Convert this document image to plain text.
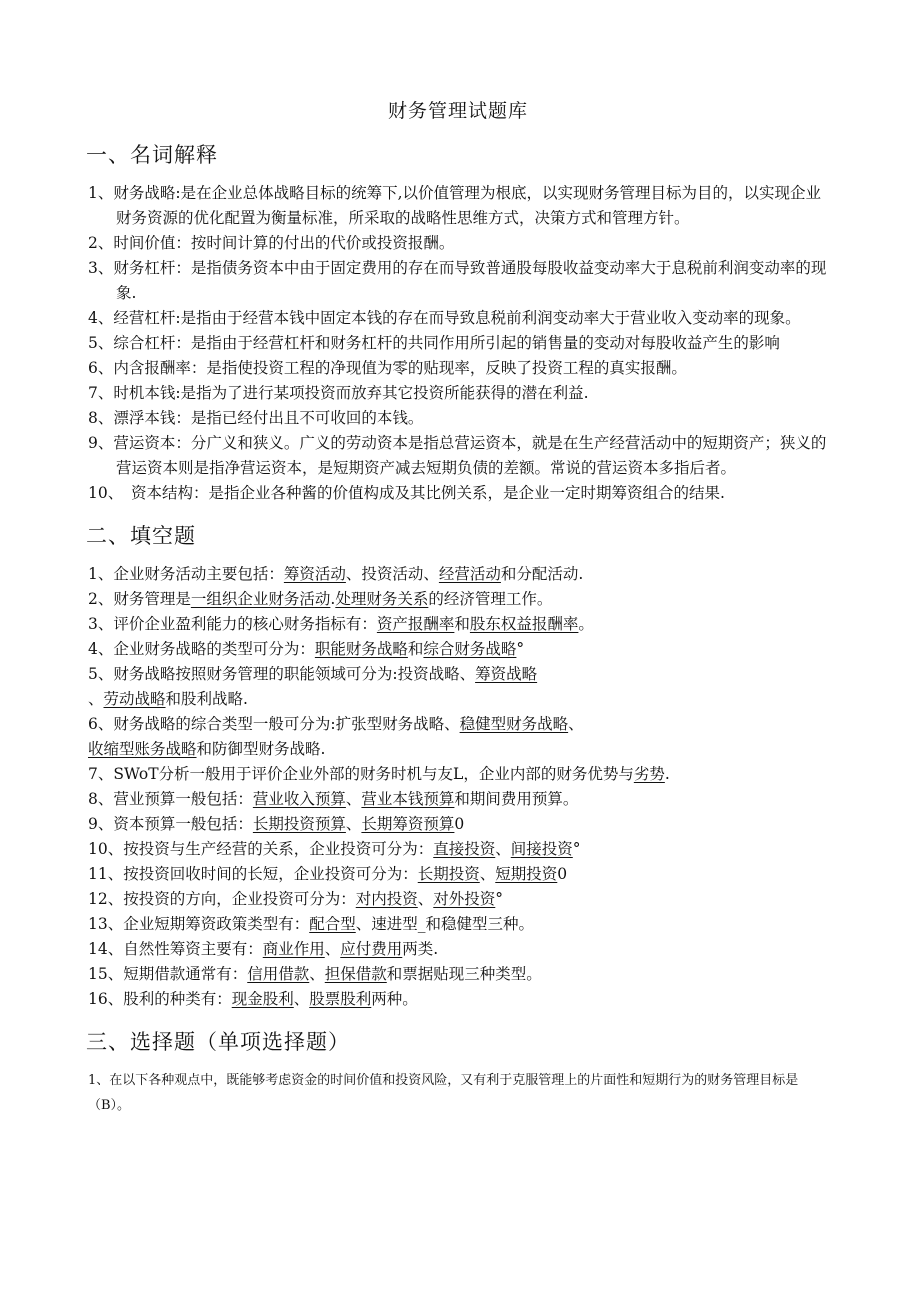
财务管理试题库
一、名词解释

1、财务战略:是在企业总体战略目标的统筹下,以价值管理为根底，以实现财务管理目标为目的，以实现企业财务资源的优化配置为衡量标准，所采取的战略性思维方式，决策方式和管理方针。

2、时间价值：按时间计算的付出的代价或投资报酬。

3、财务杠杆：是指债务资本中由于固定费用的存在而导致普通股每股收益变动率大于息税前利润变动率的现象.

4、经营杠杆:是指由于经营本钱中固定本钱的存在而导致息税前利润变动率大于营业收入变动率的现象。

5、综合杠杆：是指由于经营杠杆和财务杠杆的共同作用所引起的销售量的变动对每股收益产生的影响

6、内含报酬率：是指使投资工程的净现值为零的贴现率，反映了投资工程的真实报酬。

7、时机本钱:是指为了进行某项投资而放弃其它投资所能获得的潜在利益.

8、漂浮本钱：是指已经付出且不可收回的本钱。

9、营运资本：分广义和狭义。广义的劳动资本是指总营运资本，就是在生产经营活动中的短期资产；狭义的营运资本则是指净营运资本，是短期资产减去短期负债的差额。常说的营运资本多指后者。

10、　资本结构：是指企业各种酱的价值构成及其比例关系，是企业一定时期筹资组合的结果.

二、填空题

1、企业财务活动主要包括：筹资活动、投资活动、经营活动和分配活动.

2、财务管理是一组织企业财务活动.处理财务关系的经济管理工作。

3、评价企业盈利能力的核心财务指标有：资产报酬率和股东权益报酬率。

4、企业财务战略的类型可分为：职能财务战略和综合财务战略°

5、财务战略按照财务管理的职能领域可分为:投资战略、筹资战略

、劳动战略和股利战略.

6、财务战略的综合类型一般可分为:扩张型财务战略、稳健型财务战略、

收缩型账务战略和防御型财务战略.

7、SWoT分析一般用于评价企业外部的财务时机与友L，企业内部的财务优势与劣势.

8、营业预算一般包括：营业收入预算、营业本钱预算和期间费用预算。

9、资本预算一般包括：长期投资预算、长期筹资预算0

10、按投资与生产经营的关系，企业投资可分为：直接投资、间接投资°

11、按投资回收时间的长短，企业投资可分为：长期投资、短期投资0

12、按投资的方向，企业投资可分为：对内投资、对外投资°

13、企业短期筹资政策类型有：配合型、速进型_和稳健型三种。

14、自然性筹资主要有：商业作用、应付费用两类.

15、短期借款通常有：信用借款、担保借款和票据贴现三种类型。

16、股利的种类有：现金股利、股票股利两种。

三、选择题（单项选择题）

1、在以下各种观点中，既能够考虑资金的时间价值和投资风险，又有利于克服管理上的片面性和短期行为的财务管理目标是（B）。
